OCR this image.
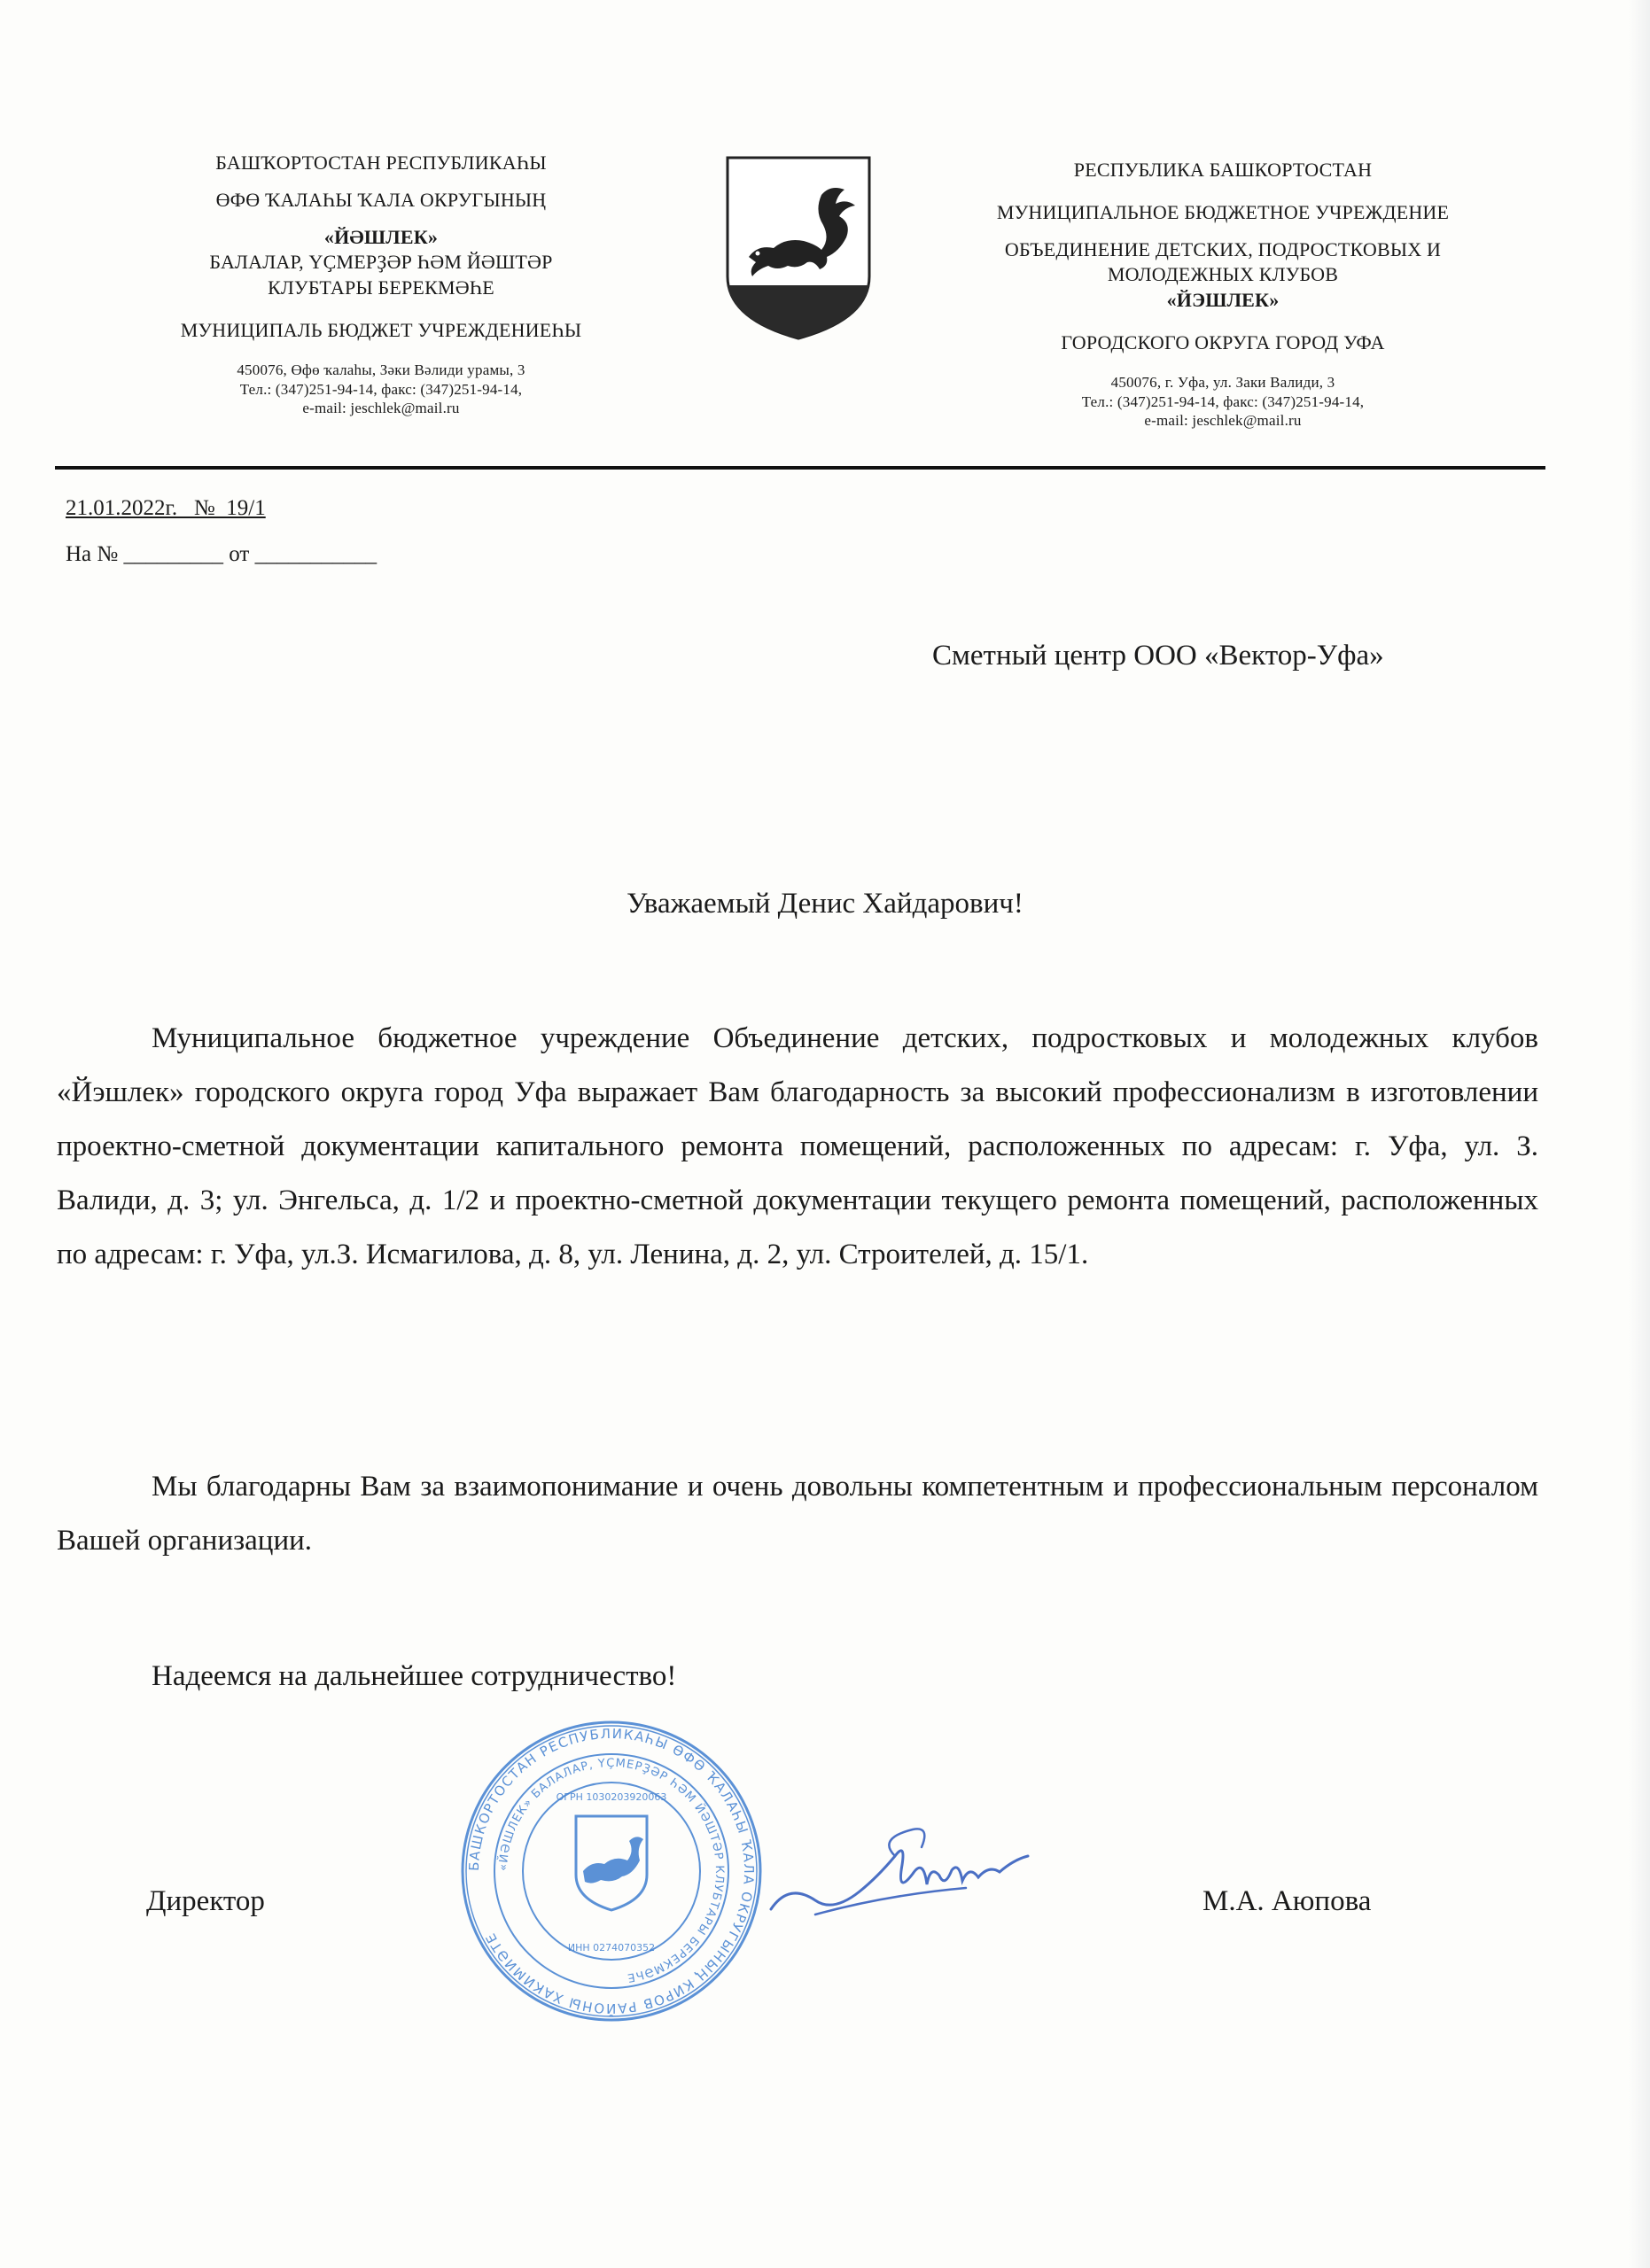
БАШҠОРТОСТАН РЕСПУБЛИКАҺЫ
ӨФӨ ҠАЛАҺЫ ҠАЛА ОКРУГЫНЫҢ
«ЙӘШЛЕК»
БАЛАЛАР, ҮҪМЕРҘӘР ҺӘМ ЙӘШТӘР
КЛУБТАРЫ БЕРЕКМӘҺЕ
МУНИЦИПАЛЬ БЮДЖЕТ УЧРЕЖДЕНИЕҺЫ
450076, Өфө ҡалаhы, Зәки Вәлиди урамы, 3
Тел.: (347)251-94-14, факс: (347)251-94-14,
e-mail: jeschlek@mail.ru
РЕСПУБЛИКА БАШКОРТОСТАН
МУНИЦИПАЛЬНОЕ БЮДЖЕТНОЕ УЧРЕЖДЕНИЕ
ОБЪЕДИНЕНИЕ ДЕТСКИХ, ПОДРОСТКОВЫХ И
МОЛОДЕЖНЫХ КЛУБОВ
«ЙЭШЛЕК»
ГОРОДСКОГО ОКРУГА ГОРОД УФА
450076, г. Уфа, ул. Заки Валиди, 3
Тел.: (347)251-94-14, факс: (347)251-94-14,
e-mail: jeschlek@mail.ru
21.01.2022г.   №  19/1
На № _________ от ___________
Сметный центр ООО «Вектор-Уфа»
Уважаемый Денис Хайдарович!
Муниципальное бюджетное учреждение Объединение детских, подростковых и молодежных клубов «Йэшлек» городского округа город Уфа выражает Вам благодарность за высокий профессионализм в изготовлении проектно-сметной документации капитального ремонта помещений, расположенных по адресам: г. Уфа, ул. З. Валиди, д. 3; ул. Энгельса, д. 1/2 и проектно-сметной документации текущего ремонта помещений, расположенных по адресам: г. Уфа, ул.З. Исмагилова, д. 8, ул. Ленина, д. 2, ул. Строителей, д. 15/1.
Мы благодарны Вам за взаимопонимание и очень довольны компетентным и профессиональным персоналом Вашей организации.
Надеемся на дальнейшее сотрудничество!
Директор	М.А. Аюпова
БАШКОРТОСТАН РЕСПУБЛИКАҺЫ ӨФӨ ҠАЛАҺЫ ҠАЛА ОКРУГЫНЫҢ КИРОВ РАЙОНЫ ХАКИМИӘТЕ
«ЙӘШЛЕК» БАЛАЛАР, ҮҪМЕРҘӘР ҺӘМ ЙӘШТӘР КЛУБТАРЫ БЕРЕКМӘҺЕ
ИНН 0274070352
ОГРН 1030203920063
